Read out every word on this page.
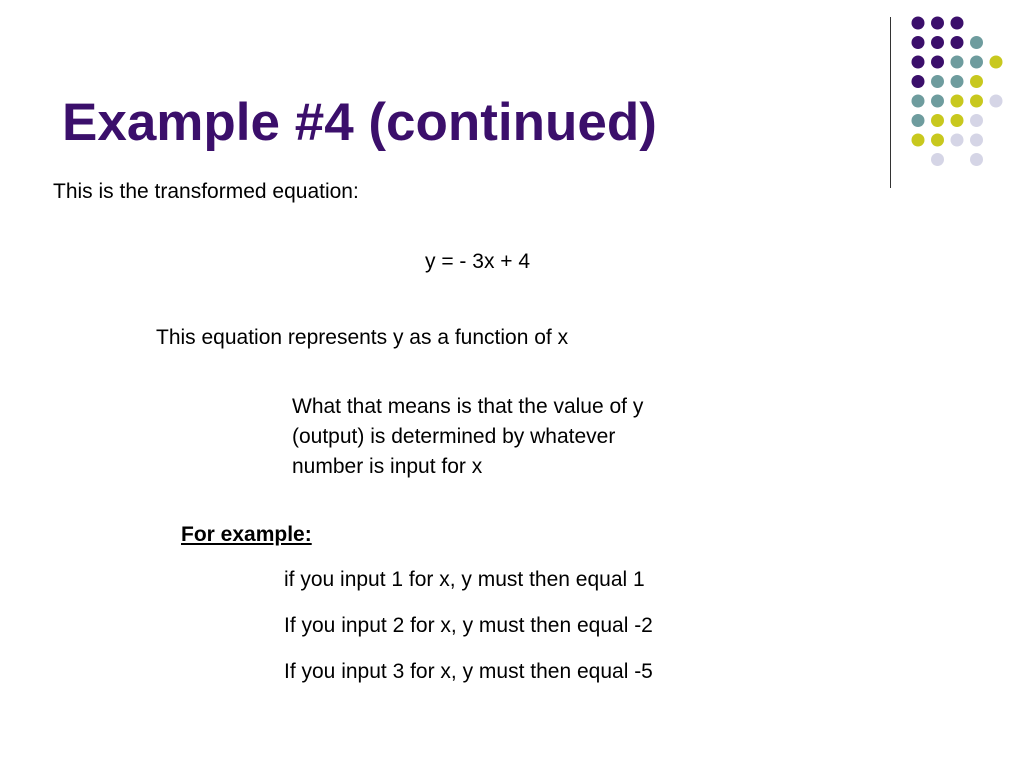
Example #4 (continued)

This is the transformed equation:

y = - 3x + 4

This equation represents y as a function of x

What that means is that the value of y
(output) is determined by whatever
number is input for x

For example:

if you input 1 for x, y must then equal 1

If you input 2 for x, y must then equal -2

If you input 3 for x, y must then equal -5
